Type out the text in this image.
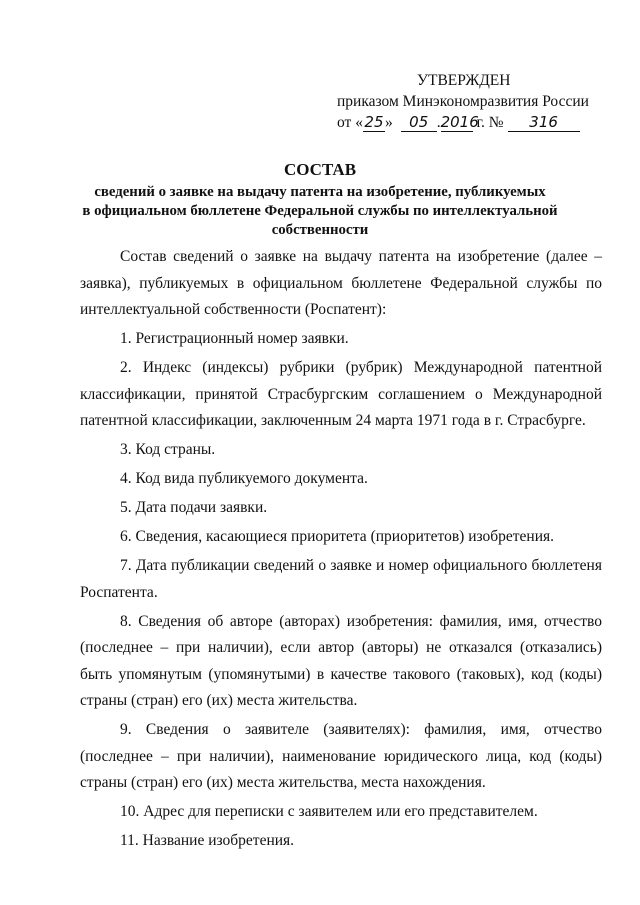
УТВЕРЖДЕН
приказом Минэкономразвития России
от «25» 05 .2016 г. № 316
СОСТАВ
сведений о заявке на выдачу патента на изобретение, публикуемых
в официальном бюллетене Федеральной службы по интеллектуальной
собственности

Состав сведений о заявке на выдачу патента на изобретение (далее – заявка), публикуемых в официальном бюллетене Федеральной службы по интеллектуальной собственности (Роспатент):

1. Регистрационный номер заявки.

2. Индекс (индексы) рубрики (рубрик) Международной патентной классификации, принятой Страсбургским соглашением о Международной патентной классификации, заключенным 24 марта 1971 года в г. Страсбурге.

3. Код страны.

4. Код вида публикуемого документа.

5. Дата подачи заявки.

6. Сведения, касающиеся приоритета (приоритетов) изобретения.

7. Дата публикации сведений о заявке и номер официального бюллетеня Роспатента.

8. Сведения об авторе (авторах) изобретения: фамилия, имя, отчество (последнее – при наличии), если автор (авторы) не отказался (отказались) быть упомянутым (упомянутыми) в качестве такового (таковых), код (коды) страны (стран) его (их) места жительства.

9. Сведения о заявителе (заявителях): фамилия, имя, отчество (последнее – при наличии), наименование юридического лица, код (коды) страны (стран) его (их) места жительства, места нахождения.

10. Адрес для переписки с заявителем или его представителем.

11. Название изобретения.
